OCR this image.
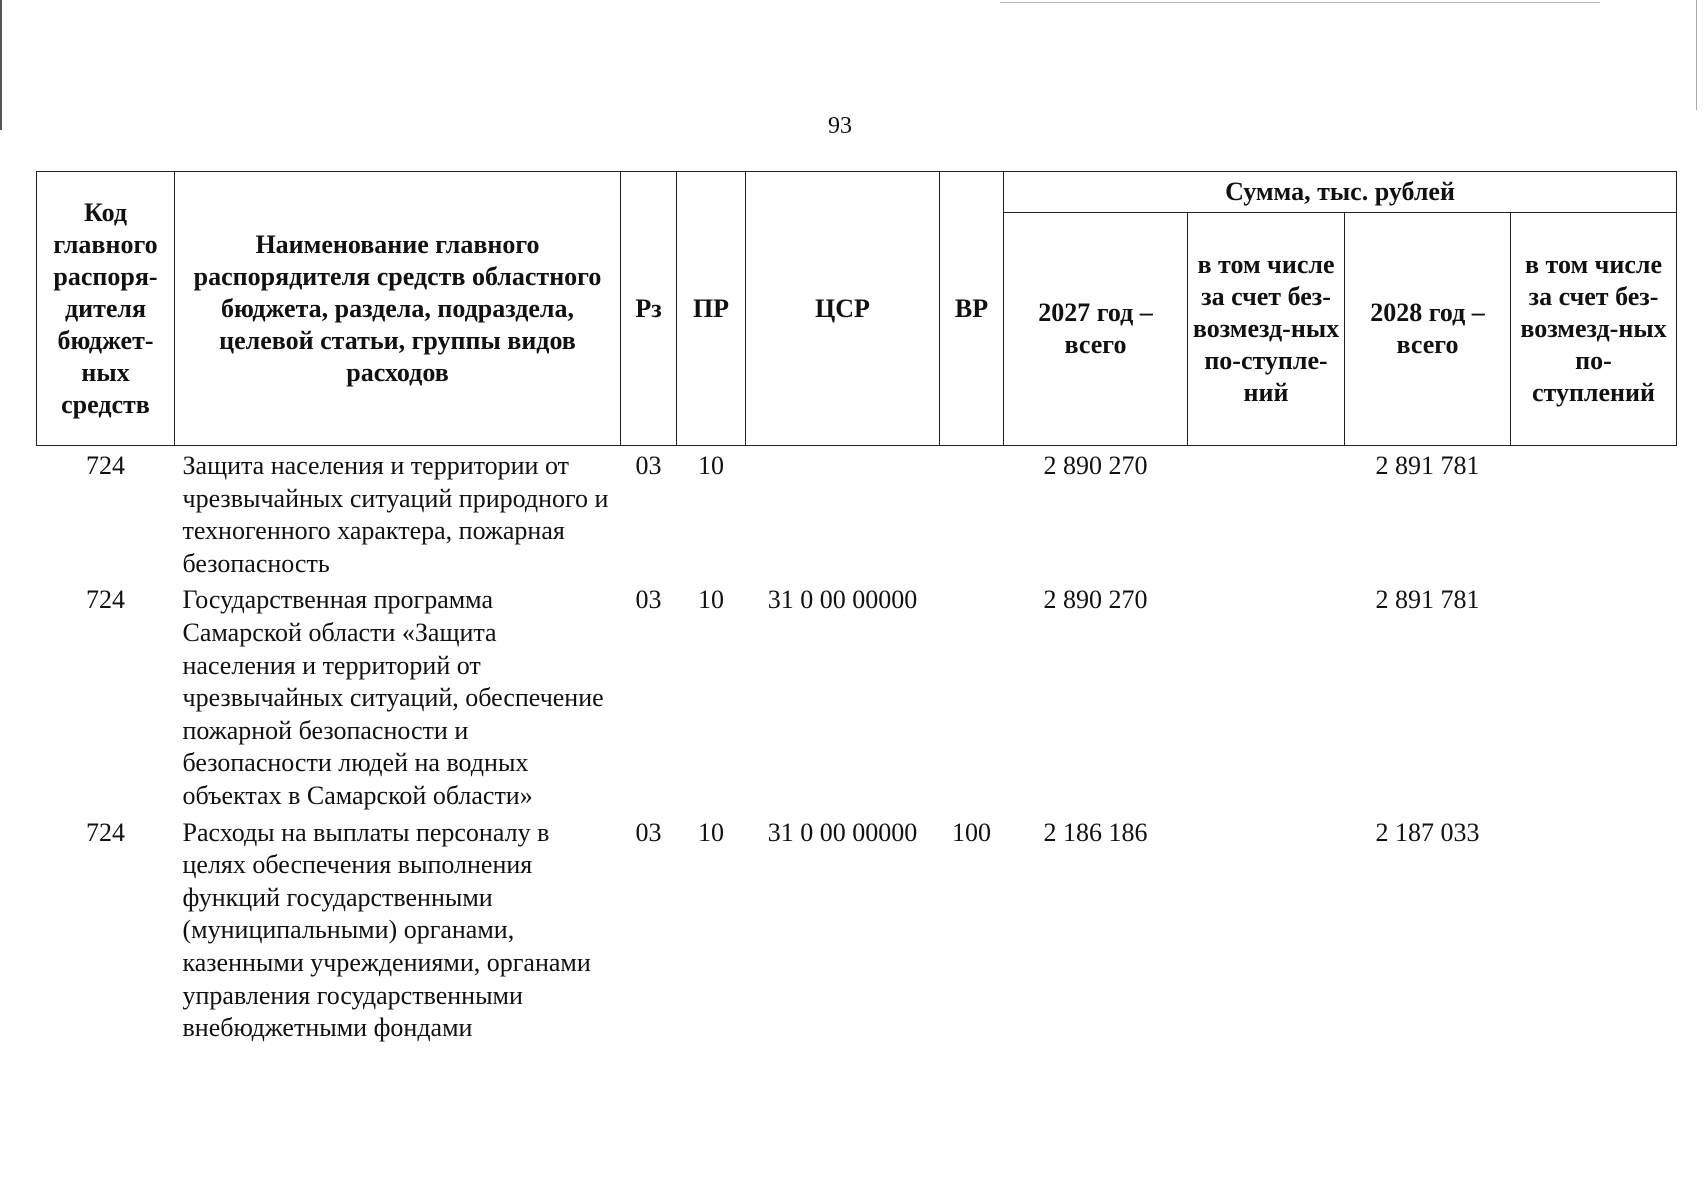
93
Код главного распоря-дителя бюджет-ных средств	Наименование главного распорядителя средств областного бюджета, раздела, подраздела, целевой статьи, группы видов расходов	Рз	ПР	ЦСР	ВР	Сумма, тыс. рублей			
						2027 год – всего	в том числе за счет без-возмезд-ных по-ступле-ний	2028 год – всего	в том числе за счет без-возмезд-ных по-ступлений
724	Защита населения и территории от чрезвычайных ситуаций природного и техногенного характера, пожарная безопасность	03	10			2 890 270		2 891 781	
724	Государственная программа Самарской области «Защита населения и территорий от чрезвычайных ситуаций, обеспечение пожарной безопасности и безопасности людей на водных объектах в Самарской области»	03	10	31 0 00 00000		2 890 270		2 891 781	
724	Расходы на выплаты персоналу в целях обеспечения выполнения функций государственными (муниципальными) органами, казенными учреждениями, органами управления государственными внебюджетными фондами	03	10	31 0 00 00000	100	2 186 186		2 187 033	
